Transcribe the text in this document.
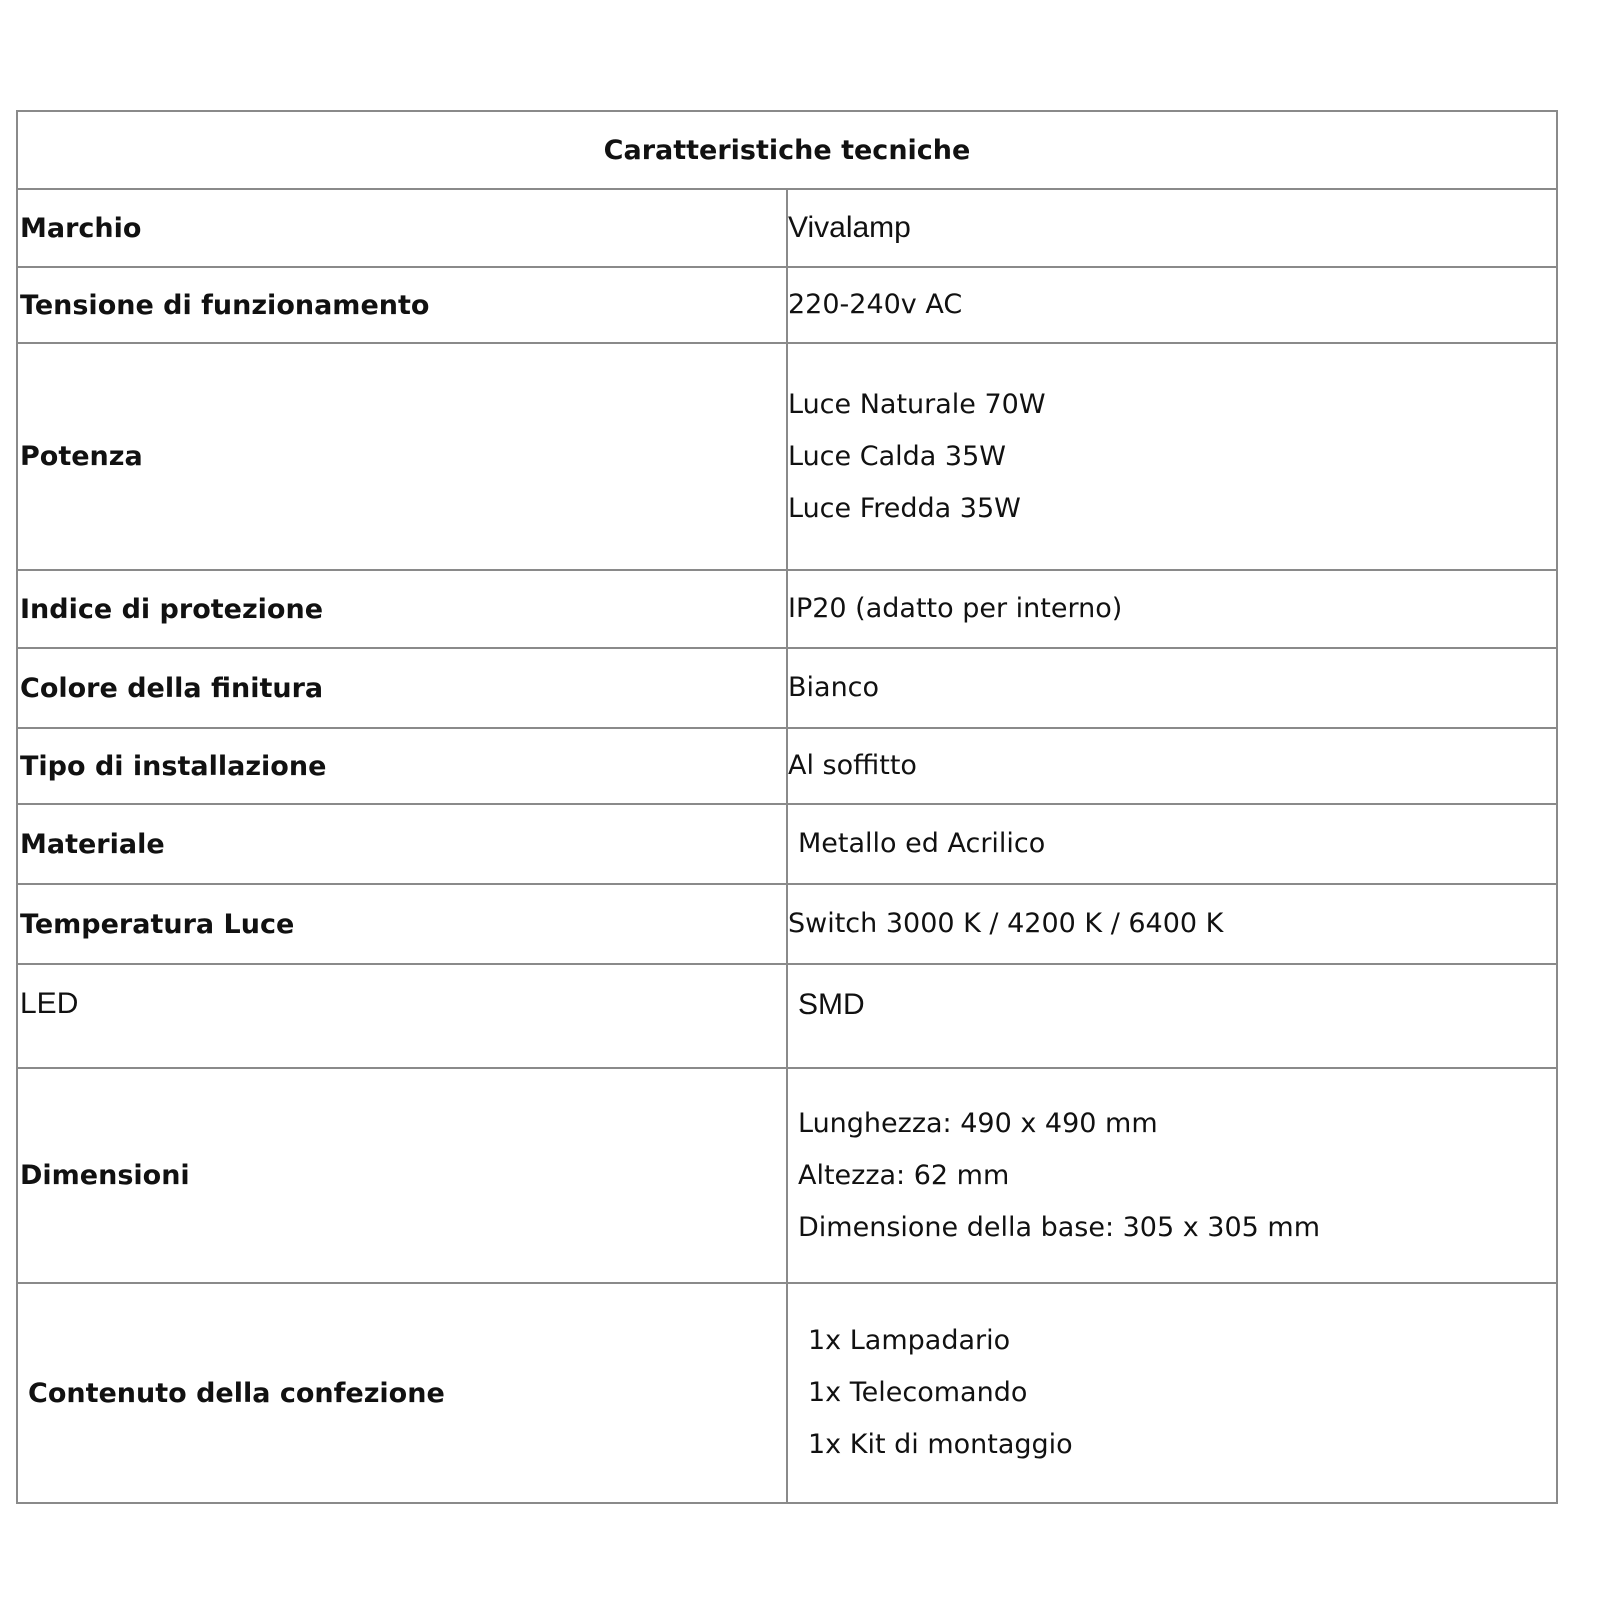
Caratteristiche tecniche	
Marchio	Vivalamp

Tensione di funzionamento	220-240v AC

Potenza	Luce Naturale 70W
Luce Calda 35W
Luce Fredda 35W

Indice di protezione	IP20 (adatto per interno)

Colore della finitura	Bianco

Tipo di installazione	Al soffitto

Materiale	Metallo ed Acrilico

Temperatura Luce	Switch 3000 K / 4200 K / 6400 K

LED	SMD

Dimensioni	Lunghezza: 490 x 490 mm
Altezza: 62 mm
Dimensione della base: 305 x 305 mm

Contenuto della confezione	1x Lampadario
1x Telecomando
1x Kit di montaggio
